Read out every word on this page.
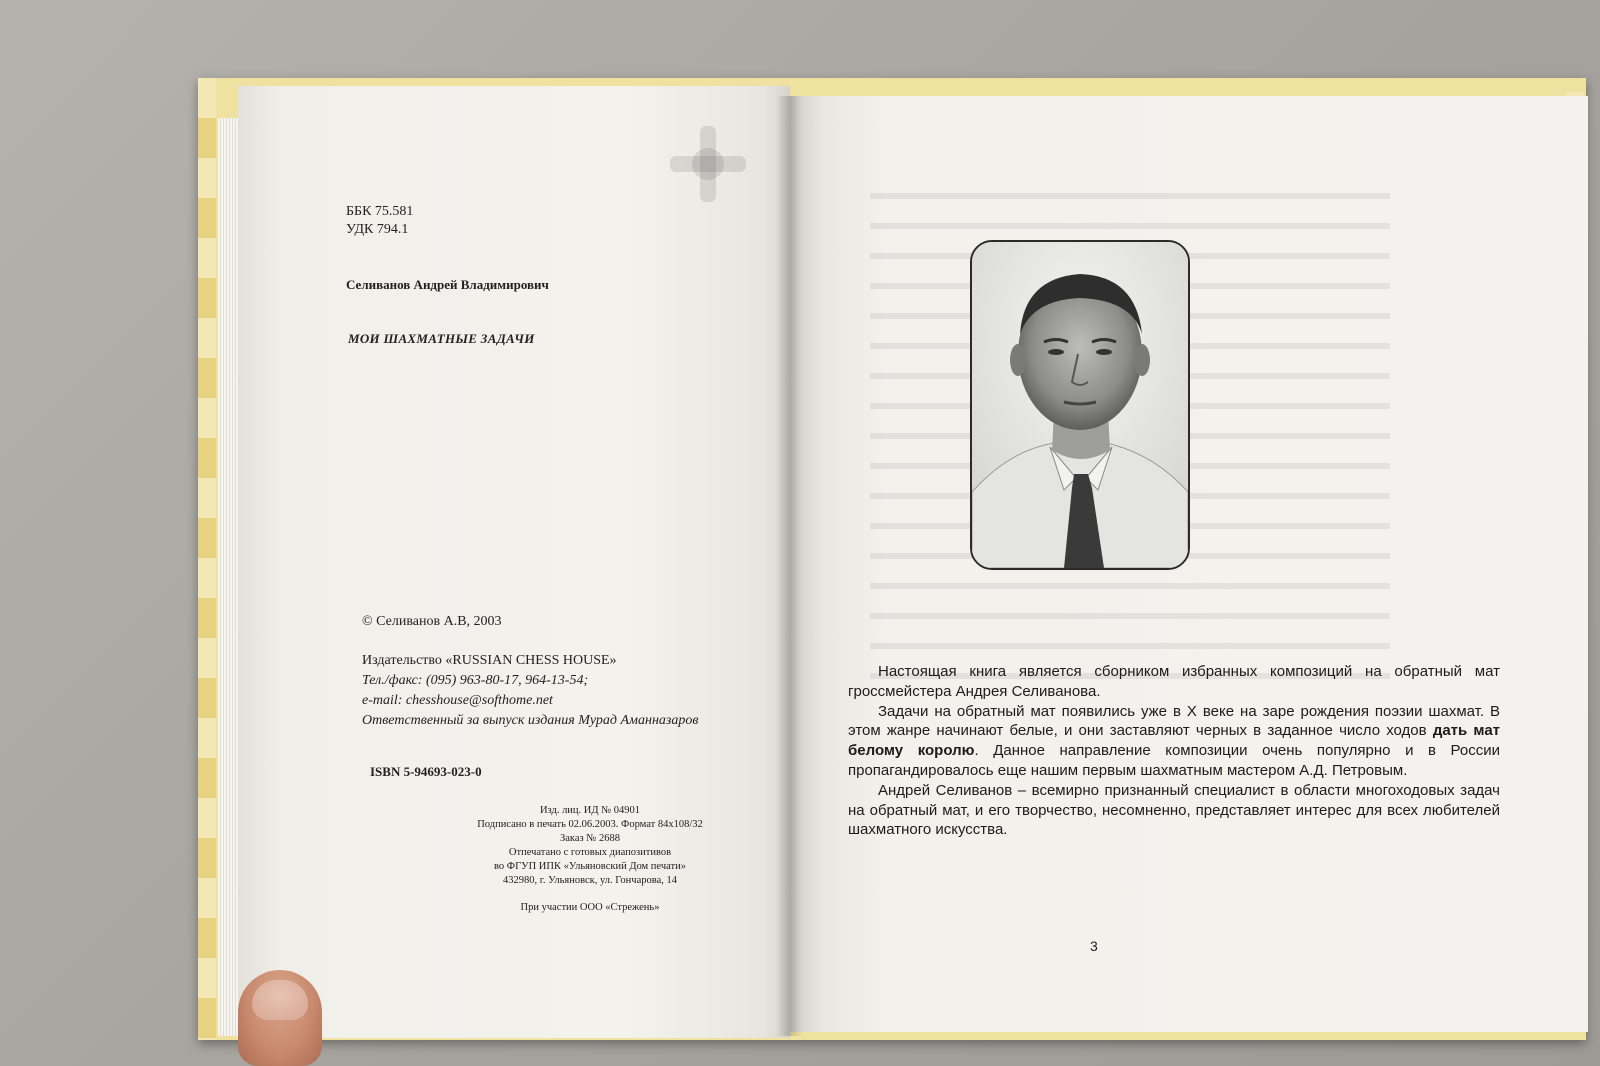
ББК 75.581
УДК 794.1
Селиванов Андрей Владимирович
МОИ ШАХМАТНЫЕ ЗАДАЧИ
© Селиванов А.В, 2003
Издательство «RUSSIAN CHESS HOUSE»
Тел./факс: (095) 963-80-17, 964-13-54;
e-mail: chesshouse@softhome.net
Ответственный за выпуск издания Мурад Аманназаров
ISBN 5-94693-023-0
Изд. лиц. ИД № 04901
Подписано в печать 02.06.2003. Формат 84х108/32
Заказ № 2688
Отпечатано с готовых диапозитивов
во ФГУП ИПК «Ульяновский Дом печати»
432980, г. Ульяновск, ул. Гончарова, 14
При участии ООО «Стрежень»

Настоящая книга является сборником избранных композиций на обратный мат гроссмейстера Андрея Селиванова.

Задачи на обратный мат появились уже в X веке на заре рождения поэзии шахмат. В этом жанре начинают белые, и они заставляют черных в заданное число ходов дать мат белому королю. Данное направление композиции очень популярно и в России пропагандировалось еще нашим первым шахматным мастером А.Д. Петровым.

Андрей Селиванов – всемирно признанный специалист в области многоходовых задач на обратный мат, и его творчество, несомненно, представляет интерес для всех любителей шахматного искусства.

3
